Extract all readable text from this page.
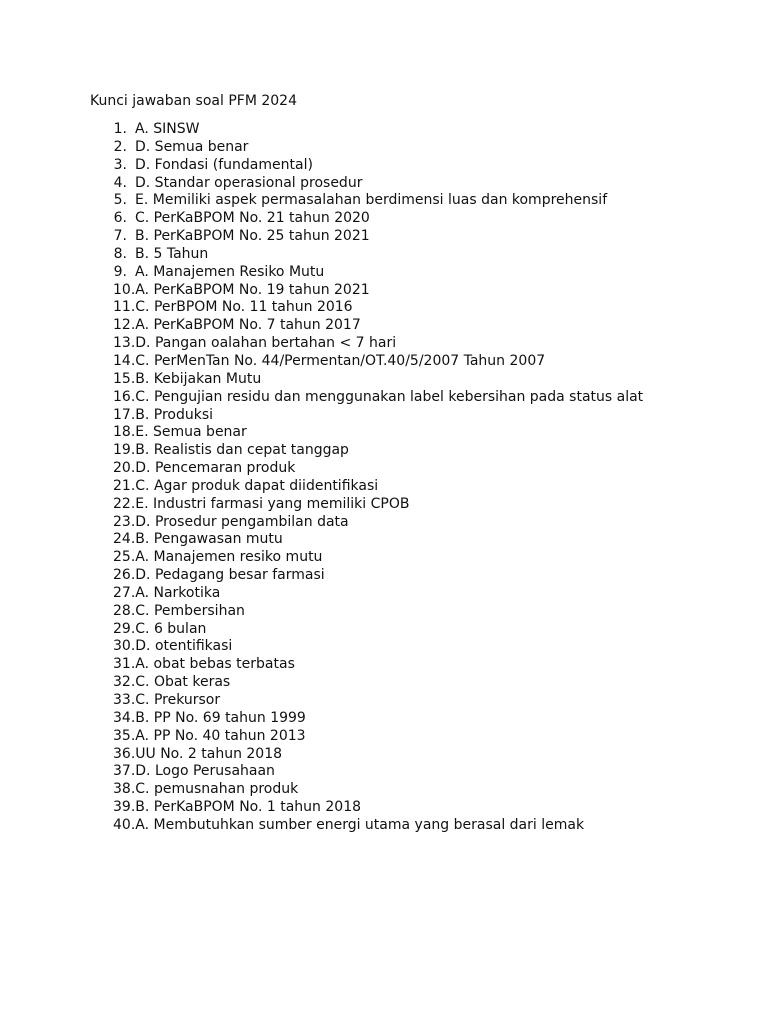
Kunci jawaban soal PFM 2024
1. A. SINSW
2. D. Semua benar
3. D. Fondasi (fundamental)
4. D. Standar operasional prosedur
5. E. Memiliki aspek permasalahan berdimensi luas dan komprehensif
6. C. PerKaBPOM No. 21 tahun 2020
7. B. PerKaBPOM No. 25 tahun 2021
8. B. 5 Tahun
9. A. Manajemen Resiko Mutu
10. A. PerKaBPOM No. 19 tahun 2021
11. C. PerBPOM No. 11 tahun 2016
12. A. PerKaBPOM No. 7 tahun 2017
13. D. Pangan oalahan bertahan < 7 hari
14. C. PerMenTan No. 44/Permentan/OT.40/5/2007 Tahun 2007
15. B. Kebijakan Mutu
16. C. Pengujian residu dan menggunakan label kebersihan pada status alat
17. B. Produksi
18. E. Semua benar
19. B. Realistis dan cepat tanggap
20. D. Pencemaran produk
21. C. Agar produk dapat diidentifikasi
22. E. Industri farmasi yang memiliki CPOB
23. D. Prosedur pengambilan data
24. B. Pengawasan mutu
25. A. Manajemen resiko mutu
26. D. Pedagang besar farmasi
27. A. Narkotika
28. C. Pembersihan
29. C. 6 bulan
30. D. otentifikasi
31. A. obat bebas terbatas
32. C. Obat keras
33. C. Prekursor
34. B. PP No. 69 tahun 1999
35. A. PP No. 40 tahun 2013
36. UU No. 2 tahun 2018
37. D. Logo Perusahaan
38. C. pemusnahan produk
39. B. PerKaBPOM No. 1 tahun 2018
40. A. Membutuhkan sumber energi utama yang berasal dari lemak
